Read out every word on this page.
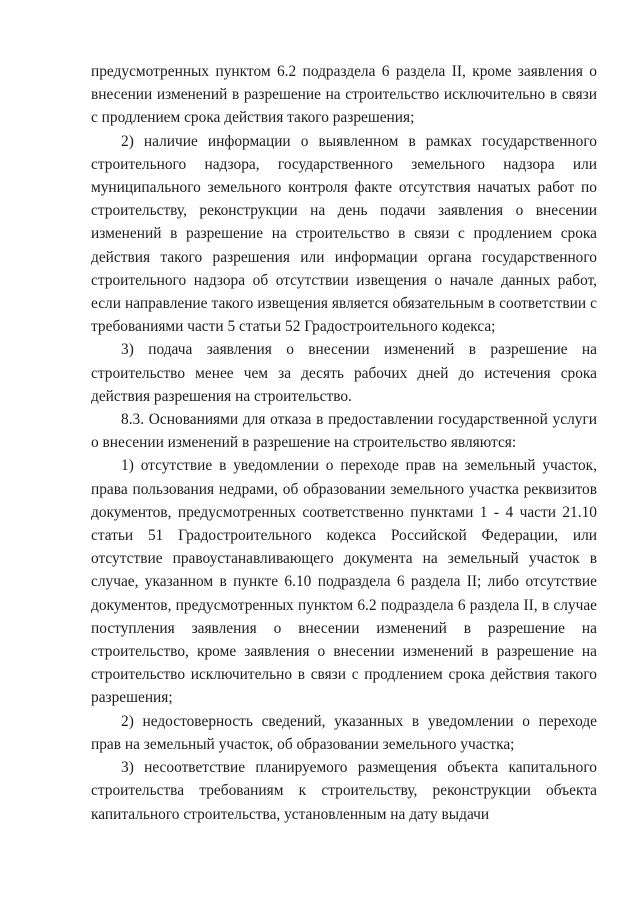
предусмотренных пунктом 6.2 подраздела 6 раздела II, кроме заявления о внесении изменений в разрешение на строительство исключительно в связи с продлением срока действия такого разрешения;

2) наличие информации о выявленном в рамках государственного строительного надзора, государственного земельного надзора или муниципального земельного контроля факте отсутствия начатых работ по строительству, реконструкции на день подачи заявления о внесении изменений в разрешение на строительство в связи с продлением срока действия такого разрешения или информации органа государственного строительного надзора об отсутствии извещения о начале данных работ, если направление такого извещения является обязательным в соответствии с требованиями части 5 статьи 52 Градостроительного кодекса;

3) подача заявления о внесении изменений в разрешение на строительство менее чем за десять рабочих дней до истечения срока действия разрешения на строительство.

8.3. Основаниями для отказа в предоставлении государственной услуги о внесении изменений в разрешение на строительство являются:

1) отсутствие в уведомлении о переходе прав на земельный участок, права пользования недрами, об образовании земельного участка реквизитов документов, предусмотренных соответственно пунктами 1 - 4 части 21.10 статьи 51 Градостроительного кодекса Российской Федерации, или отсутствие правоустанавливающего документа на земельный участок в случае, указанном в пункте 6.10 подраздела 6 раздела II; либо отсутствие документов, предусмотренных пунктом 6.2 подраздела 6 раздела II, в случае поступления заявления о внесении изменений в разрешение на строительство, кроме заявления о внесении изменений в разрешение на строительство исключительно в связи с продлением срока действия такого разрешения;

2) недостоверность сведений, указанных в уведомлении о переходе прав на земельный участок, об образовании земельного участка;

3) несоответствие планируемого размещения объекта капитального строительства требованиям к строительству, реконструкции объекта капитального строительства, установленным на дату выдачи
